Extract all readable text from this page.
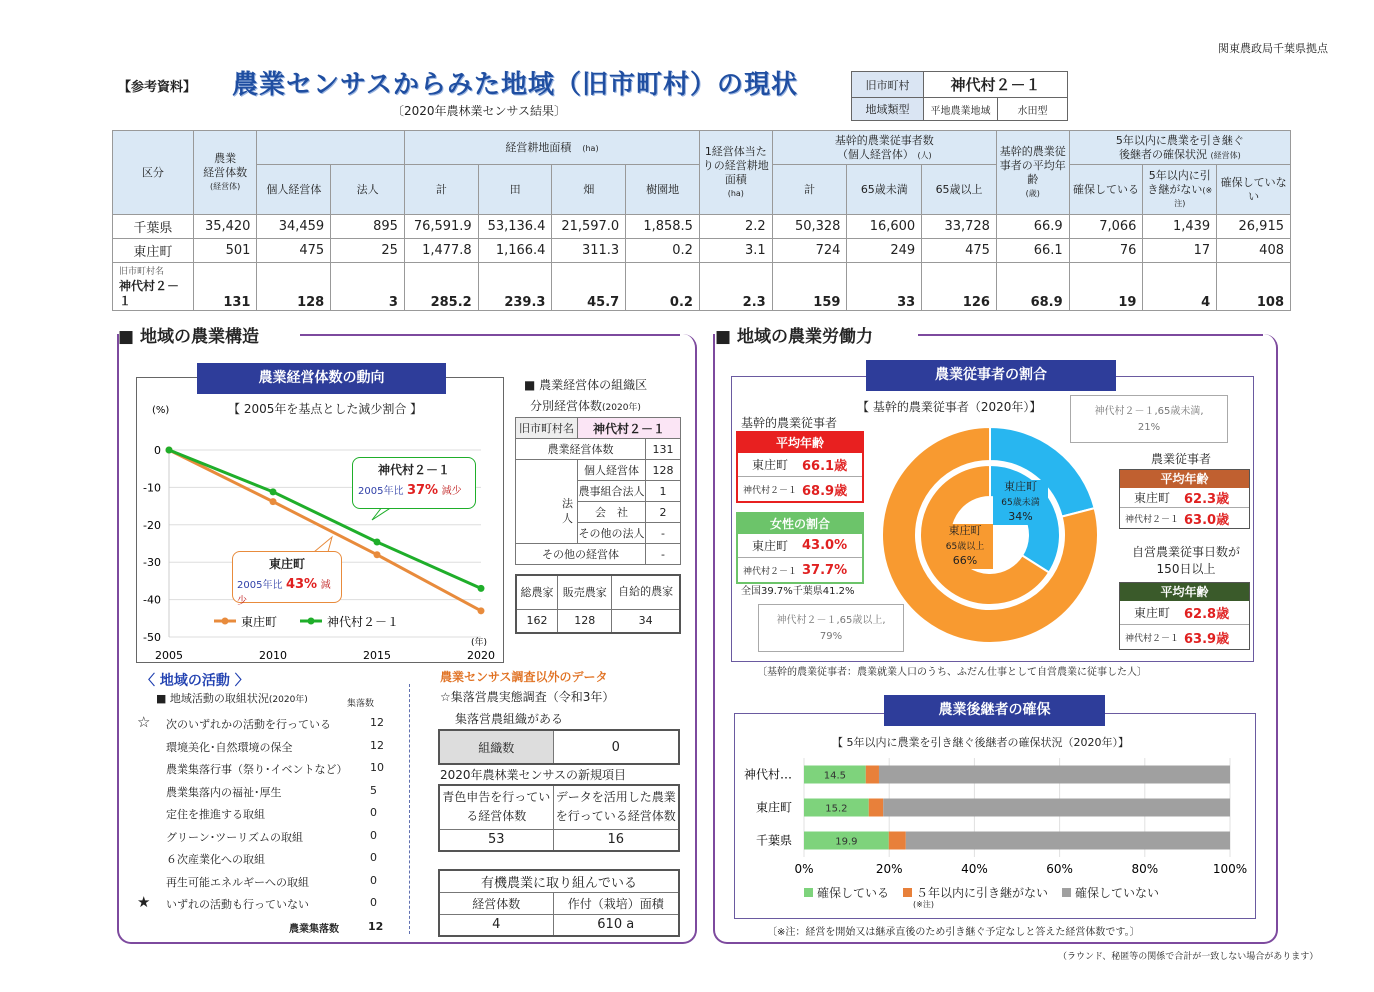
関東農政局千葉県拠点
【参考資料】 農業センサスからみた地域（旧市町村）の現状
〔2020年農林業センサス結果〕
旧市町村	神代村２－１	
地域類型	平地農業地域	水田型
区分	農業
経営体数
(経営体)			経営耕地面積　 (ha)				1経営体当たりの経営耕地面積
(ha)	基幹的農業従事者数
（個人経営体） (人)			基幹的農業従事者の平均年齢
(歳)	5年以内に農業を引き継ぐ
後継者の確保状況 (経営体)		
		個人経営体	法人	計	田	畑	樹園地		計	65歳未満	65歳以上		確保している	5年以内に引き継がない(※注)	確保していない
千葉県	35,420	34,459	895	76,591.9	53,136.4	21,597.0	1,858.5	2.2	50,328	16,600	33,728	66.9	7,066	1,439	26,915
東庄町	501	475	25	1,477.8	1,166.4	311.3	0.2	3.1	724	249	475	66.1	76	17	408
旧市町村名
神代村２－１	131	128	3	285.2	239.3	45.7	0.2	2.3	159	33	126	68.9	19	4	108
■ 地域の農業構造
農業経営体数の動向
【 2005年を基点とした減少割合 】
(%)
0
-10
-20
-30
-40
-50
2005	2010	2015	2020
(年)
東庄町	神代村２－１
神代村２－１
2005年比 37% 減少
東庄町
2005年比 43% 減少
■ 農業経営体の組織区
分別経営体数(2020年)
旧市町村名	神代村２－１	
農業経営体数		131
	個人経営体	128
法人	農事組合法人	1
	会　社	2
	その他の法人	-
その他の経営体		-
総農家	販売農家	自給的農家
162	128	34
〈 地域の活動 〉
■ 地域活動の取組状況(2020年)	集落数
☆ 次のいずれかの活動を行っている	12
環境美化･自然環境の保全	12
農業集落行事（祭り･イベントなど） 10
農業集落内の福祉･厚生	5
定住を推進する取組	0
グリーン･ツーリズムの取組	0
６次産業化への取組	0
再生可能エネルギーへの取組	0
★ いずれの活動も行っていない	0
農業集落数	12
農業センサス調査以外のデータ
☆集落営農実態調査（令和3年）
集落営農組織がある
組織数	0
2020年農林業センサスの新規項目
青色申告を行っている経営体数	データを活用した農業を行っている経営体数
53	16
有機農業に取り組んでいる	
経営体数	作付（栽培）面積
4	610 a
■ 地域の農業労働力
農業従事者の割合
【 基幹的農業従事者（2020年）】
基幹的農業従事者
平均年齢
東庄町	66.1歳
神代村２－１ 68.9歳
女性の割合
東庄町	43.0%
神代村２－１ 37.7%
全国39.7%千葉県41.2%
東庄町
65歳未満
34%
東庄町
65歳以上
66%
神代村２－１,65歳未満,
21%
神代村２－１,65歳以上,
79%
農業従事者
平均年齢
東庄町	62.3歳
神代村２－１ 63.0歳
自営農業従事日数が
150日以上
平均年齢
東庄町	62.8歳
神代村２－１ 63.9歳
〔基幹的農業従事者：農業就業人口のうち、ふだん仕事として自営農業に従事した人〕
農業後継者の確保
【 5年以内に農業を引き継ぐ後継者の確保状況（2020年）】
0%	20%	40%	60%	80%	100%
神代村…	14.5
東庄町	15.2
千葉県	19.9
確保している ５年以内に引き継がない
(※注)
確保していない
〔※注：経営を開始又は継承直後のため引き継ぐ予定なしと答えた経営体数です。〕
（ラウンド、秘匿等の関係で合計が一致しない場合があります）
